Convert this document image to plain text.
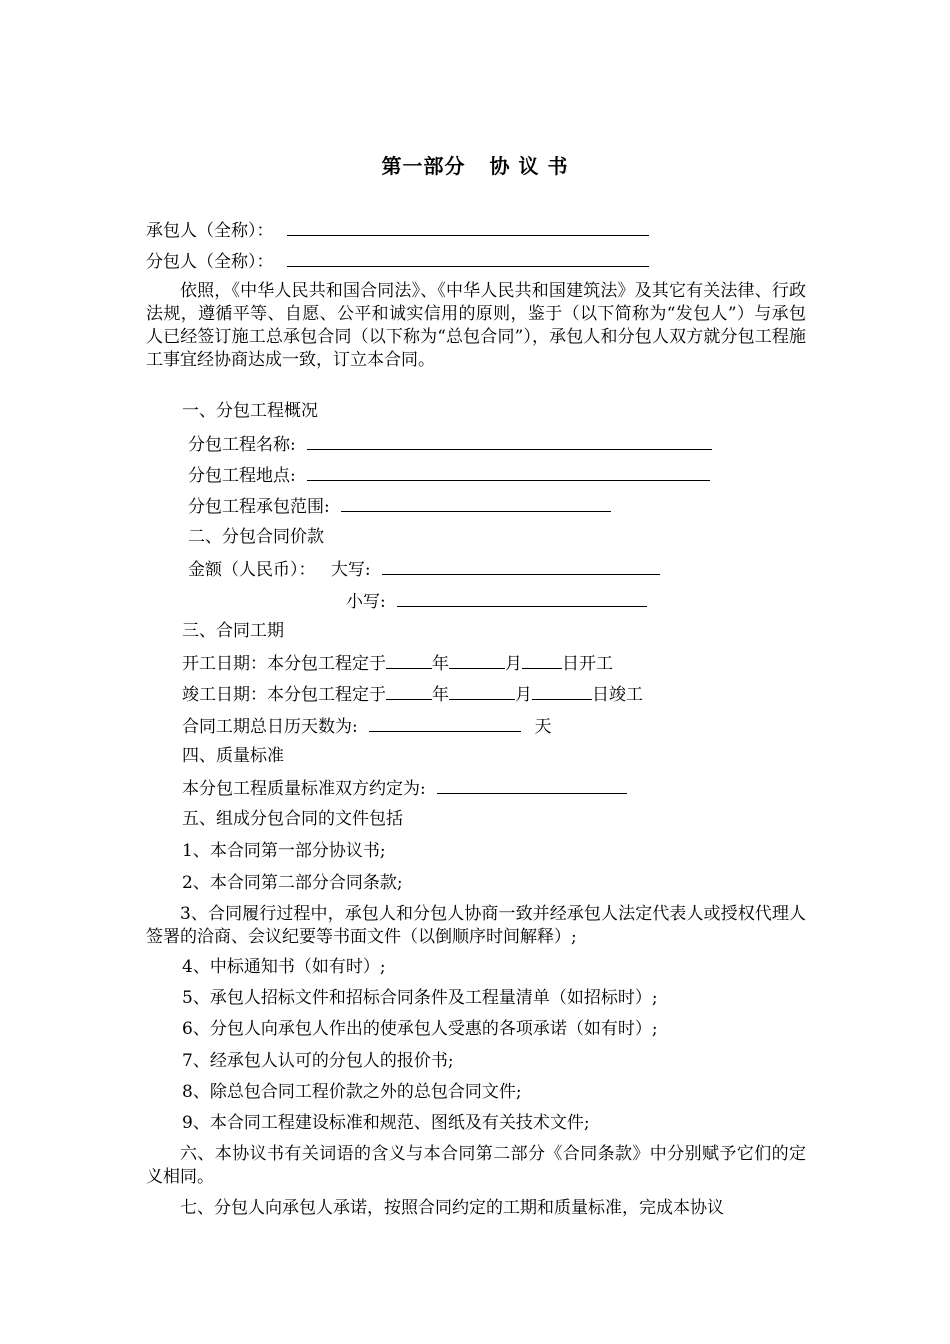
第一部分 协 议 书
承包人（全称）：
分包人（全称）：
依照，《中华人民共和国合同法》、《中华人民共和国建筑法》及其它有关法律、行政法规，遵循平等、自愿、公平和诚实信用的原则，鉴于（以下简称为“发包人”）与承包人已经签订施工总承包合同（以下称为“总包合同”），承包人和分包人双方就分包工程施工事宜经协商达成一致，订立本合同。
一、分包工程概况
分包工程名称:
分包工程地点:
分包工程承包范围:
二、分包合同价款
金额（人民币）： 大写:
小写:
三、合同工期
开工日期：本分包工程定于	年	月 日开工
竣工日期：本分包工程定于	年	月	日竣工
合同工期总日历天数为:	天
四、质量标准
本分包工程质量标准双方约定为:
五、组成分包合同的文件包括
1、本合同第一部分协议书;
2、本合同第二部分合同条款;
3、合同履行过程中，承包人和分包人协商一致并经承包人法定代表人或授权代理人签署的洽商、会议纪要等书面文件（以倒顺序时间解释）;
4、中标通知书（如有时）;
5、承包人招标文件和招标合同条件及工程量清单（如招标时）;
6、分包人向承包人作出的使承包人受惠的各项承诺（如有时）;
7、经承包人认可的分包人的报价书;
8、除总包合同工程价款之外的总包合同文件;
9、本合同工程建设标准和规范、图纸及有关技术文件;
六、本协议书有关词语的含义与本合同第二部分《合同条款》中分别赋予它们的定义相同。
七、分包人向承包人承诺，按照合同约定的工期和质量标准，完成本协议
